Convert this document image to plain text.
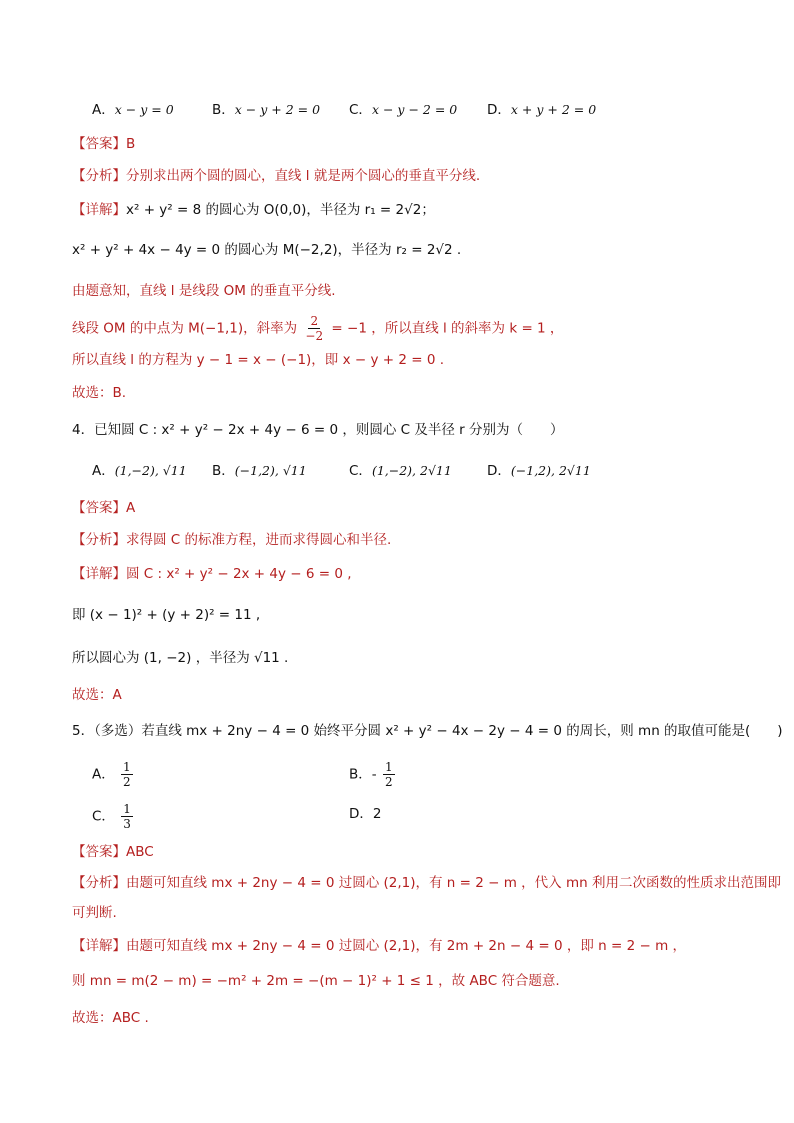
A．x − y = 0	B．x − y + 2 = 0 C．x − y − 2 = 0 D．x + y + 2 = 0
【答案】B
【分析】分别求出两个圆的圆心，直线 l 就是两个圆心的垂直平分线.
【详解】x² + y² = 8 的圆心为 O(0,0)，半径为 r₁ = 2√2；
x² + y² + 4x − 4y = 0 的圆心为 M(−2,2)，半径为 r₂ = 2√2 .
由题意知，直线 l 是线段 OM 的垂直平分线.
线段 OM 的中点为 M(−1,1)，斜率为 $\frac{2}{-2} = -1$ ，所以直线 l 的斜率为 k = 1 ，
所以直线 l 的方程为 y − 1 = x − (−1)，即 x − y + 2 = 0 .
故选：B.
4．已知圆 C : x² + y² − 2x + 4y − 6 = 0 ，则圆心 C 及半径 r 分别为（　　）
A．(1,−2), √11 B．(−1,2), √11	C．(1,−2), 2√11	D．(−1,2), 2√11
【答案】A
【分析】求得圆 C 的标准方程，进而求得圆心和半径.
【详解】圆 C : x² + y² − 2x + 4y − 6 = 0 ,
即 (x − 1)² + (y + 2)² = 11 ,
所以圆心为 (1, −2) ，半径为 √11 .
故选：A
5．（多选）若直线 mx + 2ny − 4 = 0 始终平分圆 x² + y² − 4x − 2y − 4 = 0 的周长，则 mn 的取值可能是(　　)
A． $\frac{1}{2}$	B．- $\frac{1}{2}$
C． $\frac{1}{3}$	D．2
【答案】ABC
【分析】由题可知直线 mx + 2ny − 4 = 0 过圆心 (2,1)，有 n = 2 − m ，代入 mn 利用二次函数的性质求出范围即
可判断.
【详解】由题可知直线 mx + 2ny − 4 = 0 过圆心 (2,1)，有 2m + 2n − 4 = 0 ，即 n = 2 − m ，
则 mn = m(2 − m) = −m² + 2m = −(m − 1)² + 1 ≤ 1 ，故 ABC 符合题意.
故选：ABC .
